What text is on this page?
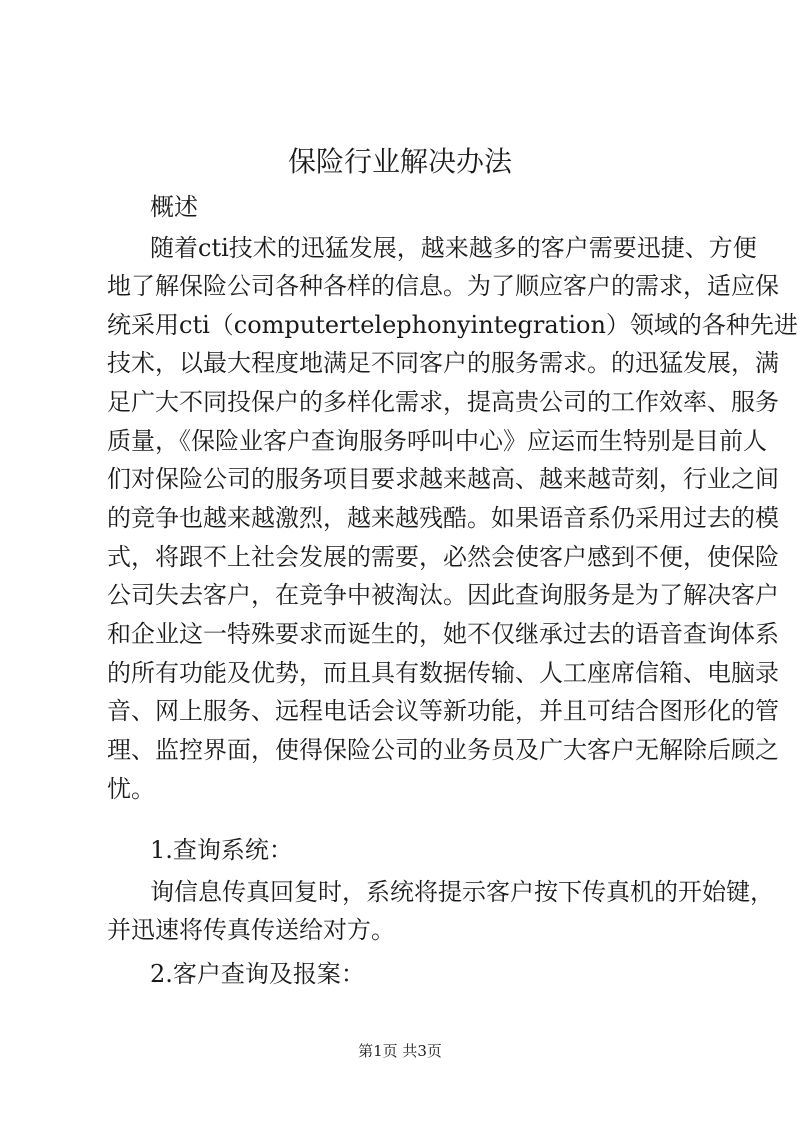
保险行业解决办法

概述

随着cti技术的迅猛发展，越来越多的客户需要迅捷、方便

地了解保险公司各种各样的信息。为了顺应客户的需求，适应保

统采用cti（computertelephonyintegration）领域的各种先进

技术，以最大程度地满足不同客户的服务需求。的迅猛发展，满

足广大不同投保户的多样化需求，提高贵公司的工作效率、服务

质量，《保险业客户查询服务呼叫中心》应运而生特别是目前人

们对保险公司的服务项目要求越来越高、越来越苛刻，行业之间

的竞争也越来越激烈，越来越残酷。如果语音系仍采用过去的模

式，将跟不上社会发展的需要，必然会使客户感到不便，使保险

公司失去客户，在竞争中被淘汰。因此查询服务是为了解决客户

和企业这一特殊要求而诞生的，她不仅继承过去的语音查询体系

的所有功能及优势，而且具有数据传输、人工座席信箱、电脑录

音、网上服务、远程电话会议等新功能，并且可结合图形化的管

理、监控界面，使得保险公司的业务员及广大客户无解除后顾之

忧。

1.查询系统：

询信息传真回复时，系统将提示客户按下传真机的开始键，

并迅速将传真传送给对方。

2.客户查询及报案：

第1页 共3页
